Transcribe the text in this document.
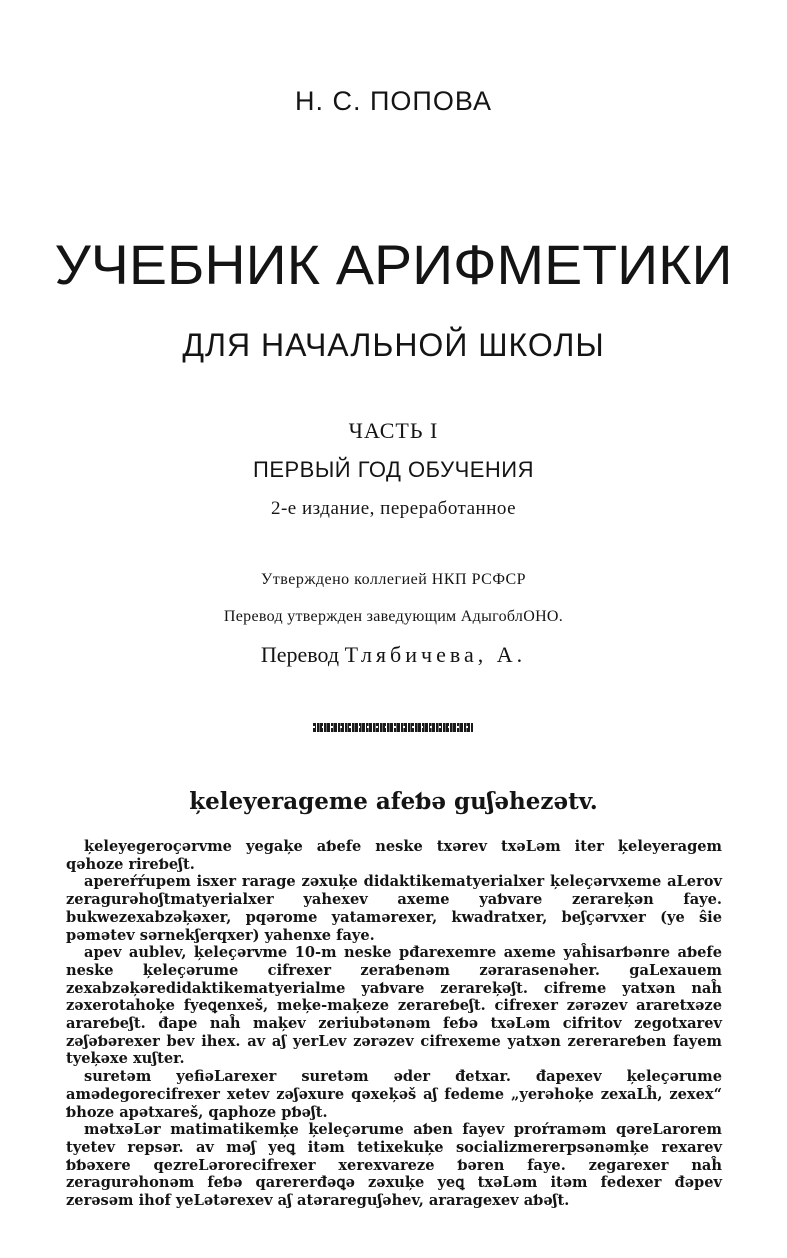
Н. С. ПОПОВА
УЧЕБНИК АРИФМЕТИКИ
ДЛЯ НАЧАЛЬНОЙ ШКОЛЫ
ЧАСТЬ I
ПЕРВЫЙ ГОД ОБУЧЕНИЯ
2-е издание, переработанное
Утверждено коллегией НКП РСФСР
Перевод утвержден заведующим АдыгоблОНО.
Перевод Тлябичева, А.
ķeleyeragеme afeƅə guʃəhezətv.

ķeleyegeroçərvme yegaķe aƅefe neske txərev txəLəm iter ķeleyeragem qəhoze rireƅeʃt.

apereŕŕupem isxer rarage zəxuķe didaktikematyerialxer ķeleçərvxeme aLerov zeragurəhoʃtmatyerialxer yahexev axeme yaƅvare zerareķən faye. bukwezexabzəķəxer, pqərome yatamərexer, kwadratxer, beʃçərvxer (ye ŝie pəmətev sərnekʃerqxer) yahenxe faye.

apev aublev, ķeleçərvme 10-m neske pđarexemre axeme yaĥisarƅənre aƅefe neske ķeleçərume cifrexer zeraƅenəm zərarasenəher. gaLexauem zexabzəķəredidaktikematyerialme yaƅvare zerareķəʃt. cifreme yatxən naĥ zəxerotahoķe fyeꝗenxeš, meķe-maķeze zerareƅeʃt. cifrexer zərəzev araretxəze arareƅeʃt. đape naĥ maķev zeriubətənəm feƅə txəLəm cifritov zegotxarev zəʃəƅərexer bev ihex. av aʃ yerLev zərəzev cifrexeme yatxən zererareƅen fayem tyeķəxe xuʃter.

suretəm yefiəLarexer suretəm əder đetxar. đapexev ķeleçərume amədegorecifrexer xetev zəʃəxure qəxeķəš aʃ fedeme „yerəhoķe zexaLĥ, zexex“ ƅhoze apətxareš, qaphoze pƅəʃt.

mətxəLər matimatikemķe ķeleçərume aƅen fayev proŕraməm qəreLarorem tyetev repsər. av məʃ yeꝗ itəm tetixekuķe socializmererpsənəmķe rexarev ƅƅəxere qezreLərorecifrexer xerexvareze ƅəren faye. zegarexer naĥ zeragurəhonəm feƅə qarererđəꝗə zəxuķe yeꝗ txəLəm itəm fedexer đəpev zerəsəm ihof yeLətərexev aʃ atərareguʃəhev, araragexev aƅəʃt.
